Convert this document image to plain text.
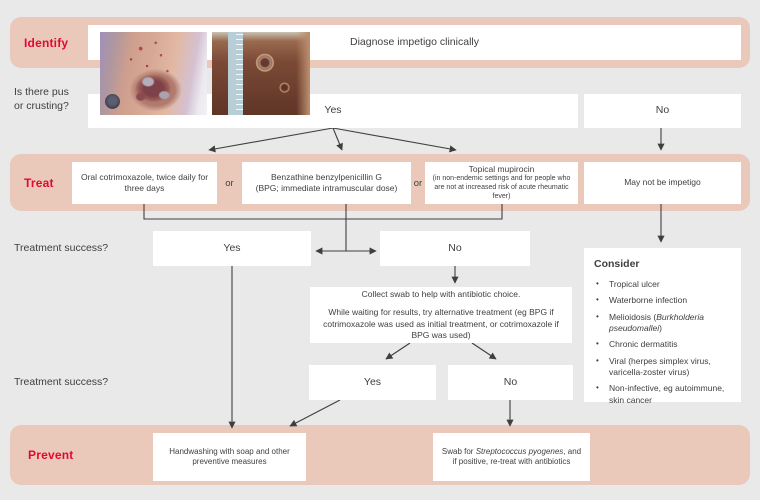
Identify
Treat
Prevent
Diagnose impetigo clinically
Is there pus or crusting?	Yes	No
Oral cotrimoxazole, twice daily for three days	or
Benzathine benzylpenicillin G
(BPG; immediate intramuscular dose) or
Topical mupirocin
(in non-endemic settings and for people who are not at increased risk of acute rheumatic fever)
May not be impetigo
Treatment success?	Yes	No

Collect swab to help with antibiotic choice.

While waiting for results, try alternative treatment (eg BPG if cotrimoxazole was used as initial treatment, or cotrimoxazole if BPG was used)

Treatment success?	Yes	No

Consider

•	Tropical ulcer
•	Waterborne infection
•	Melioidosis (Burkholderia pseudomallei)
•	Chronic dermatitis
•	Viral (herpes simplex virus, varicella-zoster virus)
•	Non-infective, eg autoimmune, skin cancer
Handwashing with soap and other preventive measures
Swab for Streptococcus pyogenes, and if positive, re-treat with antibiotics
